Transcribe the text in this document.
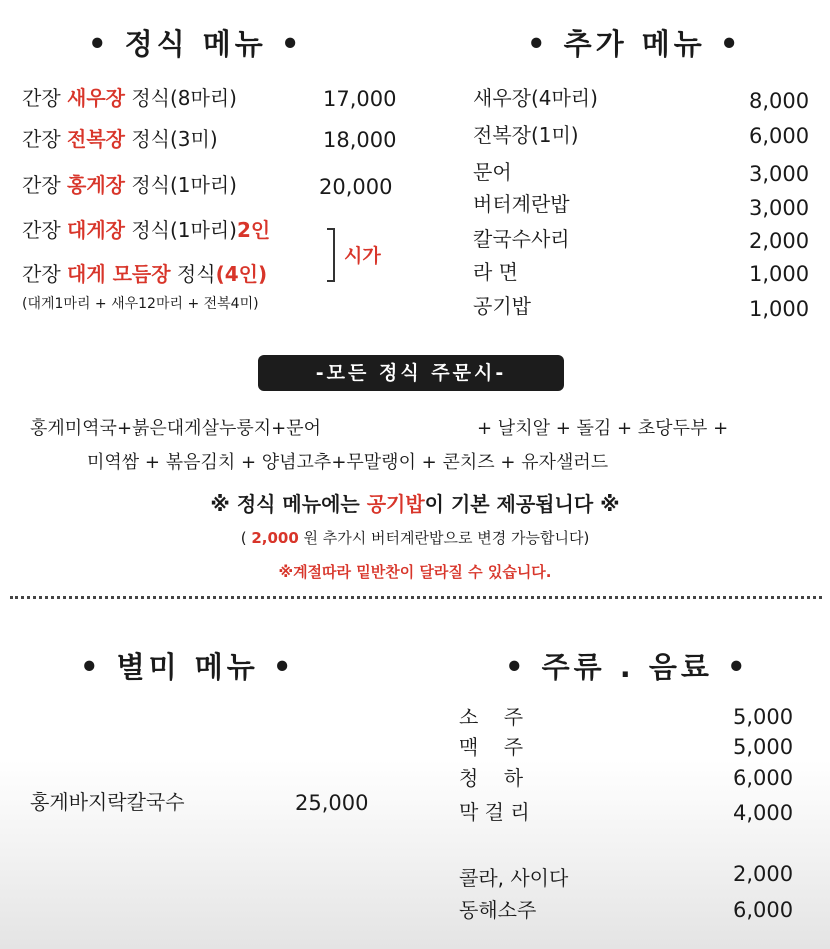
• 정식 메뉴 •	• 추가 메뉴 •
간장 새우장 정식(8마리)	17,000
간장 전복장 정식(3미)	18,000
간장 홍게장 정식(1마리)	20,000
간장 대게장 정식(1마리)2인
간장 대게 모듬장 정식(4인)
시가
(대게1마리 + 새우12마리 + 전복4미)
새우장(4마리)	8,000
전복장(1미)	6,000
문어	3,000
버터계란밥	3,000
칼국수사리	2,000
라 면	1,000
공기밥	1,000
-모든 정식 주문시-
홍게미역국+붉은대게살누룽지+문어	+ 날치알 + 돌김 + 초당두부 +
미역쌈 + 볶음김치 + 양념고추+무말랭이 + 콘치즈 + 유자샐러드
※ 정식 메뉴에는 공기밥이 기본 제공됩니다 ※
( 2,000 원 추가시 버터계란밥으로 변경 가능합니다)
※계절따라 밑반찬이 달라질 수 있습니다.
• 별미 메뉴 •	• 주류 . 음료 •
홍게바지락칼국수	25,000
소    주	5,000
맥    주	5,000
청    하	6,000
막 걸 리	4,000
콜라, 사이다	2,000
동해소주	6,000
